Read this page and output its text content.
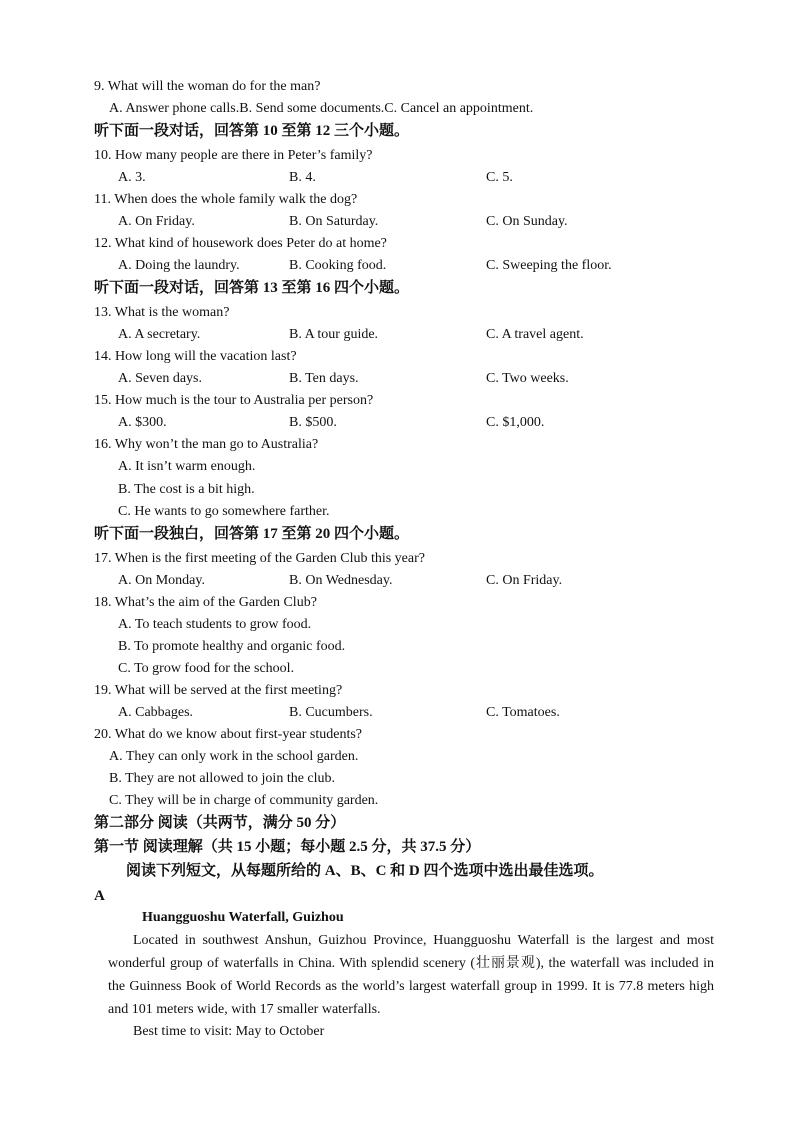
9. What will the woman do for the man?
A. Answer phone calls.B. Send some documents.C. Cancel an appointment.
听下面一段对话，回答第 10 至第 12 三个小题。
10. How many people are there in Peter’s family?
A. 3.	B. 4.	C. 5.
11. When does the whole family walk the dog?
A. On Friday.	B. On Saturday.	C. On Sunday.
12. What kind of housework does Peter do at home?
A. Doing the laundry.	B. Cooking food.	C. Sweeping the floor.
听下面一段对话，回答第 13 至第 16 四个小题。
13. What is the woman?
A. A secretary.	B. A tour guide.	C. A travel agent.
14. How long will the vacation last?
A. Seven days.	B. Ten days.	C. Two weeks.
15. How much is the tour to Australia per person?
A. $300.	B. $500.	C. $1,000.
16. Why won’t the man go to Australia?
A. It isn’t warm enough.
B. The cost is a bit high.
C. He wants to go somewhere farther.
听下面一段独白，回答第 17 至第 20 四个小题。
17. When is the first meeting of the Garden Club this year?
A. On Monday.	B. On Wednesday.	C. On Friday.
18. What’s the aim of the Garden Club?
A. To teach students to grow food.
B. To promote healthy and organic food.
C. To grow food for the school.
19. What will be served at the first meeting?
A. Cabbages.	B. Cucumbers.	C. Tomatoes.
20. What do we know about first-year students?
A. They can only work in the school garden.
B. They are not allowed to join the club.
C. They will be in charge of community garden.
第二部分 阅读（共两节，满分 50 分）
第一节 阅读理解（共 15 小题；每小题 2.5 分，共 37.5 分）
阅读下列短文，从每题所给的 A、B、C 和 D 四个选项中选出最佳选项。
A
Huangguoshu Waterfall, Guizhou

Located in southwest Anshun, Guizhou Province, Huangguoshu Waterfall is the largest and most wonderful group of waterfalls in China. With splendid scenery (壮丽景观), the waterfall was included in the Guinness Book of World Records as the world’s largest waterfall group in 1999. It is 77.8 meters high and 101 meters wide, with 17 smaller waterfalls.

Best time to visit: May to October
